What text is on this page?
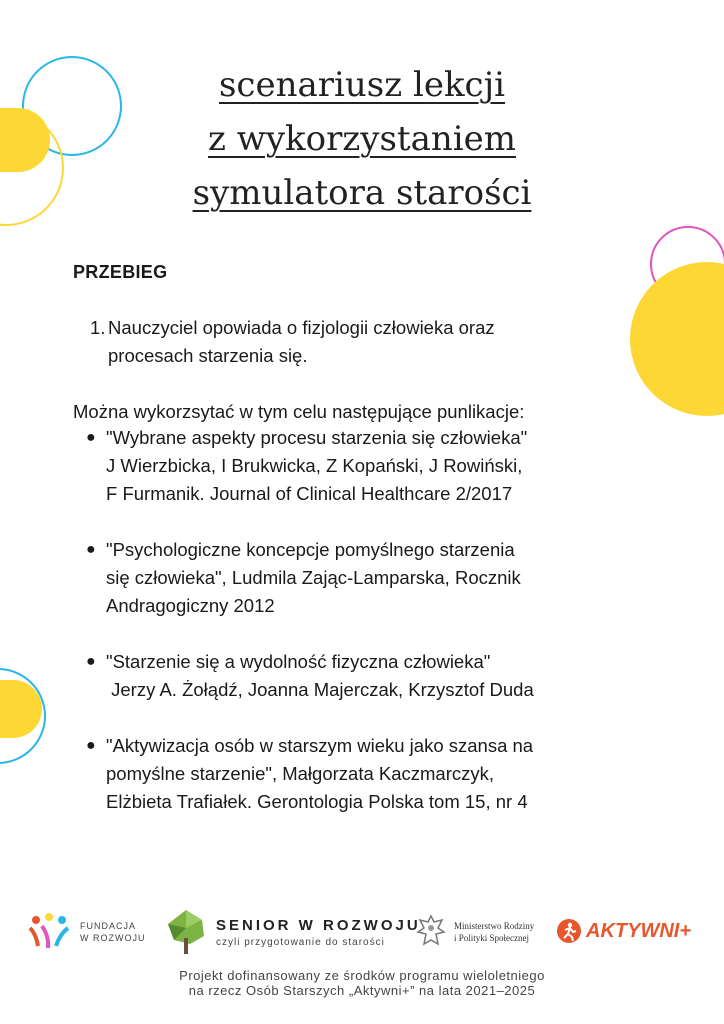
scenariusz lekcji
z wykorzystaniem
symulatora starości
PRZEBIEG
1. Nauczyciel opowiada o fizjologii człowieka oraz
procesach starzenia się.
Można wykorzsytać w tym celu następujące punlikacje:
● "Wybrane aspekty procesu starzenia się człowieka"
J Wierzbicka, I Brukwicka, Z Kopański, J Rowiński,
F Furmanik. Journal of Clinical Healthcare 2/2017
● "Psychologiczne koncepcje pomyślnego starzenia
się człowieka", Ludmila Zając-Lamparska, Rocznik
Andragogiczny 2012
● "Starzenie się a wydolność fizyczna człowieka"
Jerzy A. Żołądź, Joanna Majerczak, Krzysztof Duda
● "Aktywizacja osób w starszym wieku jako szansa na
pomyślne starzenie", Małgorzata Kaczmarczyk,
Elżbieta Trafiałek. Gerontologia Polska tom 15, nr 4
FUNDACJA
W ROZWOJU
SENIOR W ROZWOJU
czyli przygotowanie do starości
Ministerstwo Rodziny
i Polityki Społecznej	AKTYWNI+
Projekt dofinansowany ze środków programu wieloletniego
na rzecz Osób Starszych „Aktywni+” na lata 2021–2025
